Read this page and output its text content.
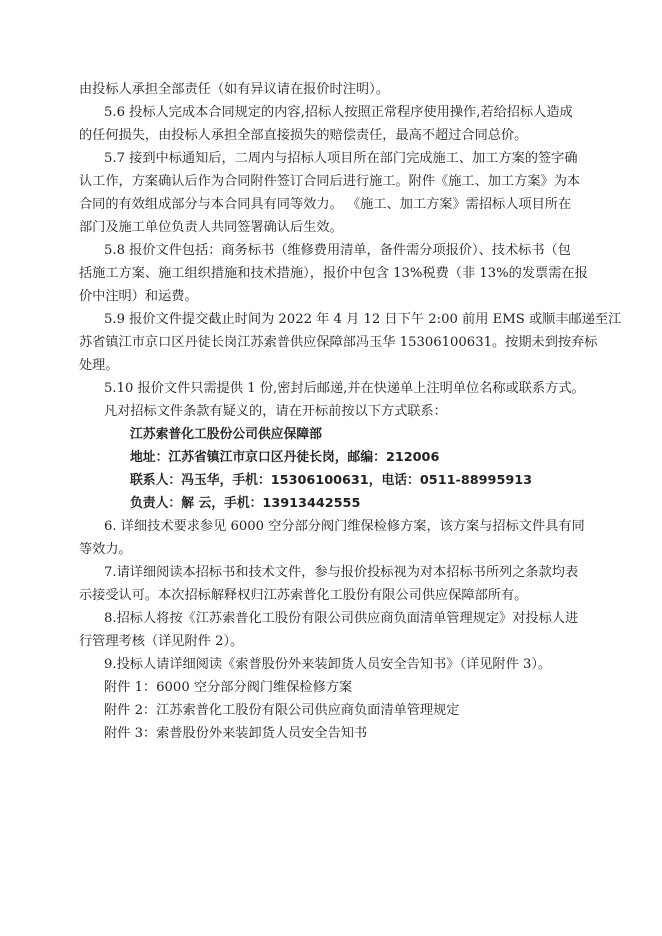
由投标人承担全部责任（如有异议请在报价时注明）。
5.6 投标人完成本合同规定的内容,招标人按照正常程序使用操作,若给招标人造成
的任何损失，由投标人承担全部直接损失的赔偿责任，最高不超过合同总价。
5.7 接到中标通知后，二周内与招标人项目所在部门完成施工、加工方案的签字确
认工作，方案确认后作为合同附件签订合同后进行施工。附件《施工、加工方案》为本
合同的有效组成部分与本合同具有同等效力。 《施工、加工方案》需招标人项目所在
部门及施工单位负责人共同签署确认后生效。
5.8 报价文件包括：商务标书（维修费用清单，备件需分项报价）、技术标书（包
括施工方案、施工组织措施和技术措施），报价中包含 13%税费（非 13%的发票需在报
价中注明）和运费。
5.9 报价文件提交截止时间为 2022 年 4 月 12 日下午 2:00 前用 EMS 或顺丰邮递至江
苏省镇江市京口区丹徒长岗江苏索普供应保障部冯玉华 15306100631。按期未到按弃标
处理。
5.10 报价文件只需提供 1 份,密封后邮递,并在快递单上注明单位名称或联系方式。
凡对招标文件条款有疑义的，请在开标前按以下方式联系：
江苏索普化工股份公司供应保障部
地址：江苏省镇江市京口区丹徒长岗，邮编：212006
联系人：冯玉华，手机：15306100631，电话：0511-88995913
负责人：解 云，手机：13913442555
6. 详细技术要求参见 6000 空分部分阀门维保检修方案，该方案与招标文件具有同
等效力。
7.请详细阅读本招标书和技术文件，参与报价投标视为对本招标书所列之条款均表
示接受认可。本次招标解释权归江苏索普化工股份有限公司供应保障部所有。
8.招标人将按《江苏索普化工股份有限公司供应商负面清单管理规定》对投标人进
行管理考核（详见附件 2）。
9.投标人请详细阅读《索普股份外来装卸货人员安全告知书》（详见附件 3）。
附件 1：6000 空分部分阀门维保检修方案
附件 2：江苏索普化工股份有限公司供应商负面清单管理规定
附件 3：索普股份外来装卸货人员安全告知书
